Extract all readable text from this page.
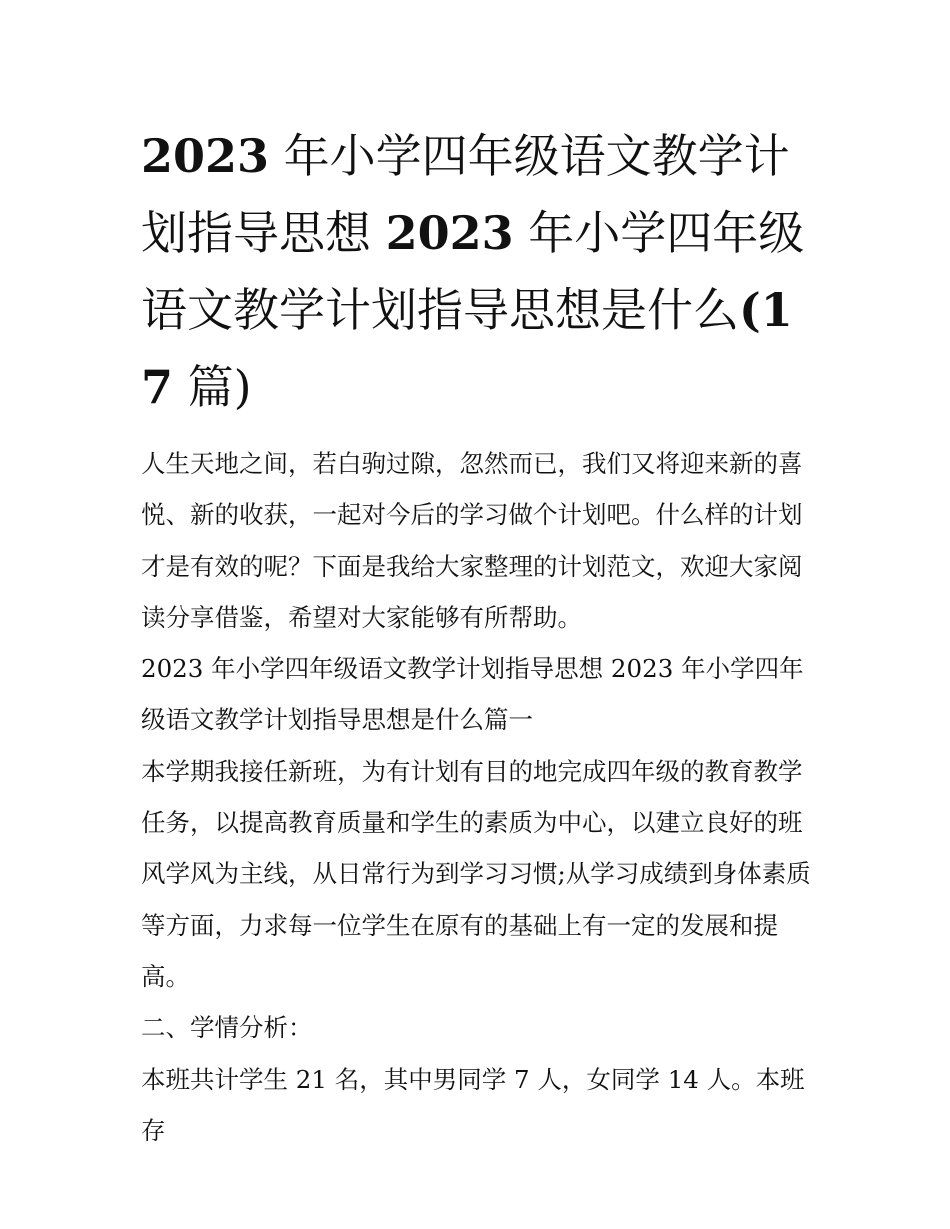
2023 年小学四年级语文教学计划指导思想 2023 年小学四年级语文教学计划指导思想是什么(17 篇)

人生天地之间，若白驹过隙，忽然而已，我们又将迎来新的喜悦、新的收获，一起对今后的学习做个计划吧。什么样的计划才是有效的呢？下面是我给大家整理的计划范文，欢迎大家阅读分享借鉴，希望对大家能够有所帮助。

2023 年小学四年级语文教学计划指导思想 2023 年小学四年级语文教学计划指导思想是什么篇一

本学期我接任新班，为有计划有目的地完成四年级的教育教学任务，以提高教育质量和学生的素质为中心，以建立良好的班风学风为主线，从日常行为到学习习惯;从学习成绩到身体素质等方面，力求每一位学生在原有的基础上有一定的发展和提高。

二、学情分析：

本班共计学生 21 名，其中男同学 7 人，女同学 14 人。本班存
